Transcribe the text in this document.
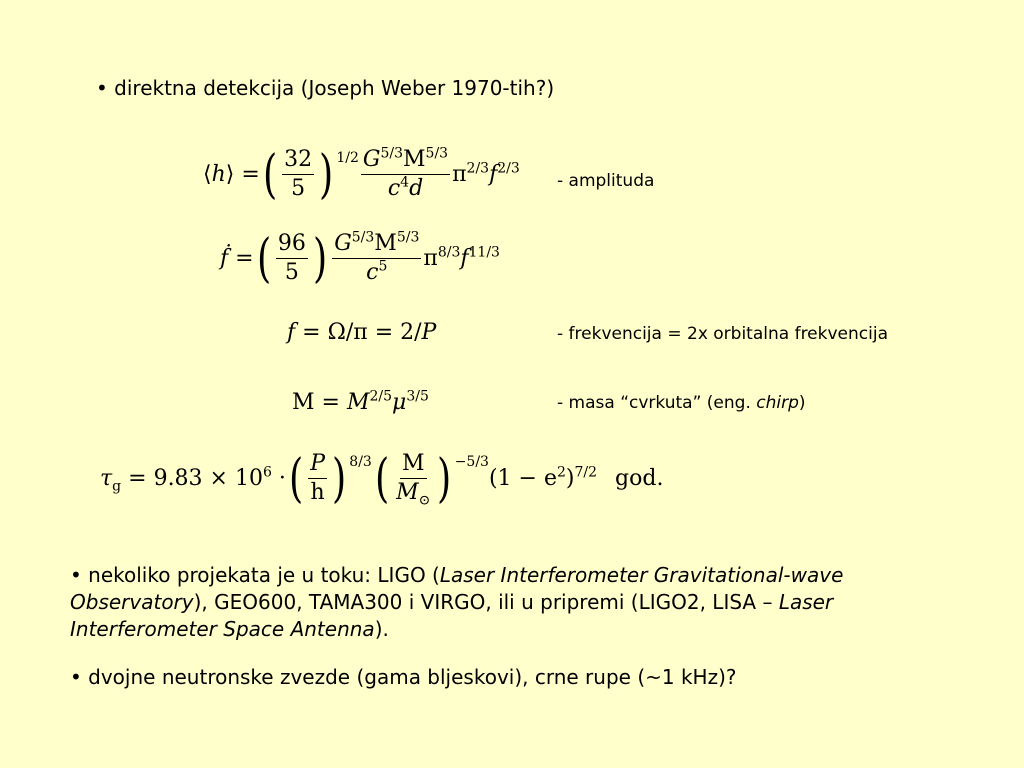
• direktna detekcija (Joseph Weber 1970-tih?)
⟨h⟩ = ( $\frac{32}{5}$ ) $1/2 \frac{G^{5/3}M^{5/3}}{c^4d} \pi^{2/3}f^{2/3}$
- amplituda
ḟ = ( $\frac{96}{5}$ ) $\frac{G^{5/3}M^{5/3}}{c^5} \pi^{8/3}f^{11/3}$
f = Ω/π = 2/P	- frekvencija = 2x orbitalna frekvencija
$M = M^{2/5}\mu^{3/5}$	- masa “cvrkuta” (eng. chirp)
$\tau_g = 9.83 \times 10^6$ · ( $\frac{P}{h}$ ) 8/3 ( $\frac{M}{M_⊙}$ ) −5/3
$(1 - e^2)^{7/2}$ god.
• nekoliko projekata je u toku: LIGO (Laser Interferometer Gravitational-wave Observatory), GEO600, TAMA300 i VIRGO, ili u pripremi (LIGO2, LISA – Laser Interferometer Space Antenna).
• dvojne neutronske zvezde (gama bljeskovi), crne rupe (~1 kHz)?
